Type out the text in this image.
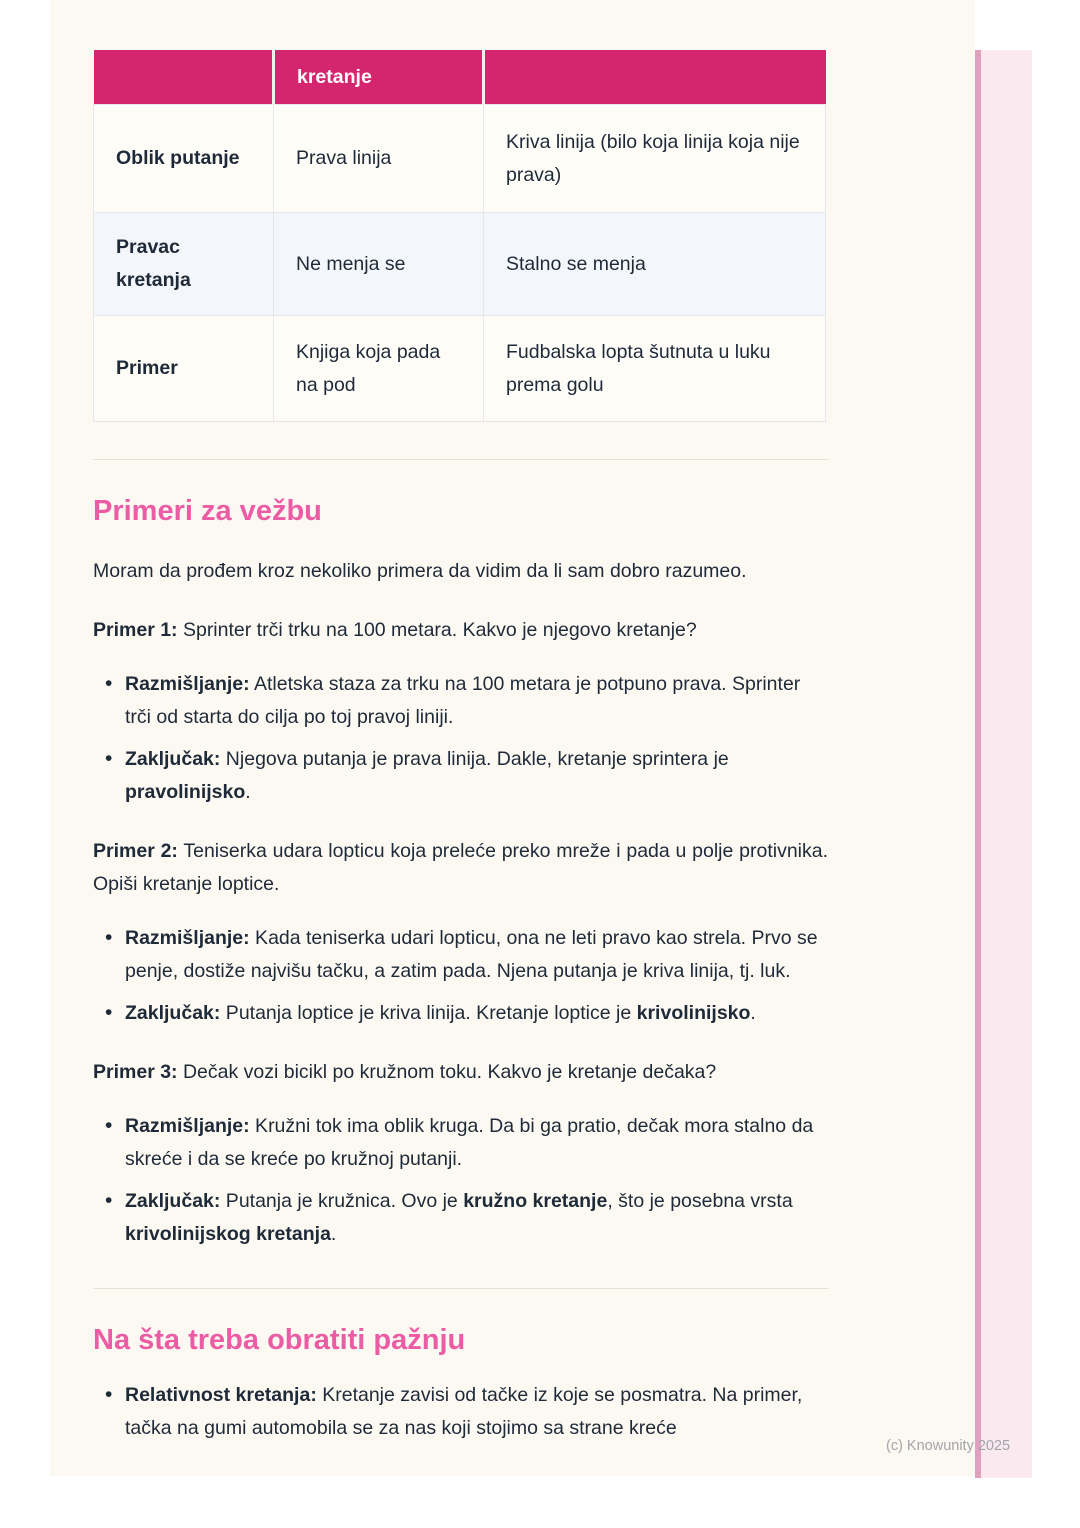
	kretanje	
Oblik putanje	Prava linija	Kriva linija (bilo koja linija koja nije prava)
Pravac kretanja	Ne menja se	Stalno se menja
Primer	Knjiga koja pada na pod	Fudbalska lopta šutnuta u luku prema golu
Primeri za vežbu

Moram da prođem kroz nekoliko primera da vidim da li sam dobro razumeo.

Primer 1: Sprinter trči trku na 100 metara. Kakvo je njegovo kretanje?

• Razmišljanje: Atletska staza za trku na 100 metara je potpuno prava. Sprinter trči od starta do cilja po toj pravoj liniji.
• Zaključak: Njegova putanja je prava linija. Dakle, kretanje sprintera je pravolinijsko.

Primer 2: Teniserka udara lopticu koja preleće preko mreže i pada u polje protivnika. Opiši kretanje loptice.

• Razmišljanje: Kada teniserka udari lopticu, ona ne leti pravo kao strela. Prvo se penje, dostiže najvišu tačku, a zatim pada. Njena putanja je kriva linija, tj. luk.
• Zaključak: Putanja loptice je kriva linija. Kretanje loptice je krivolinijsko.

Primer 3: Dečak vozi bicikl po kružnom toku. Kakvo je kretanje dečaka?

• Razmišljanje: Kružni tok ima oblik kruga. Da bi ga pratio, dečak mora stalno da skreće i da se kreće po kružnoj putanji.
• Zaključak: Putanja je kružnica. Ovo je kružno kretanje, što je posebna vrsta krivolinijskog kretanja.
Na šta treba obratiti pažnju
• Relativnost kretanja: Kretanje zavisi od tačke iz koje se posmatra. Na primer, tačka na gumi automobila se za nas koji stojimo sa strane kreće
(c) Knowunity 2025
